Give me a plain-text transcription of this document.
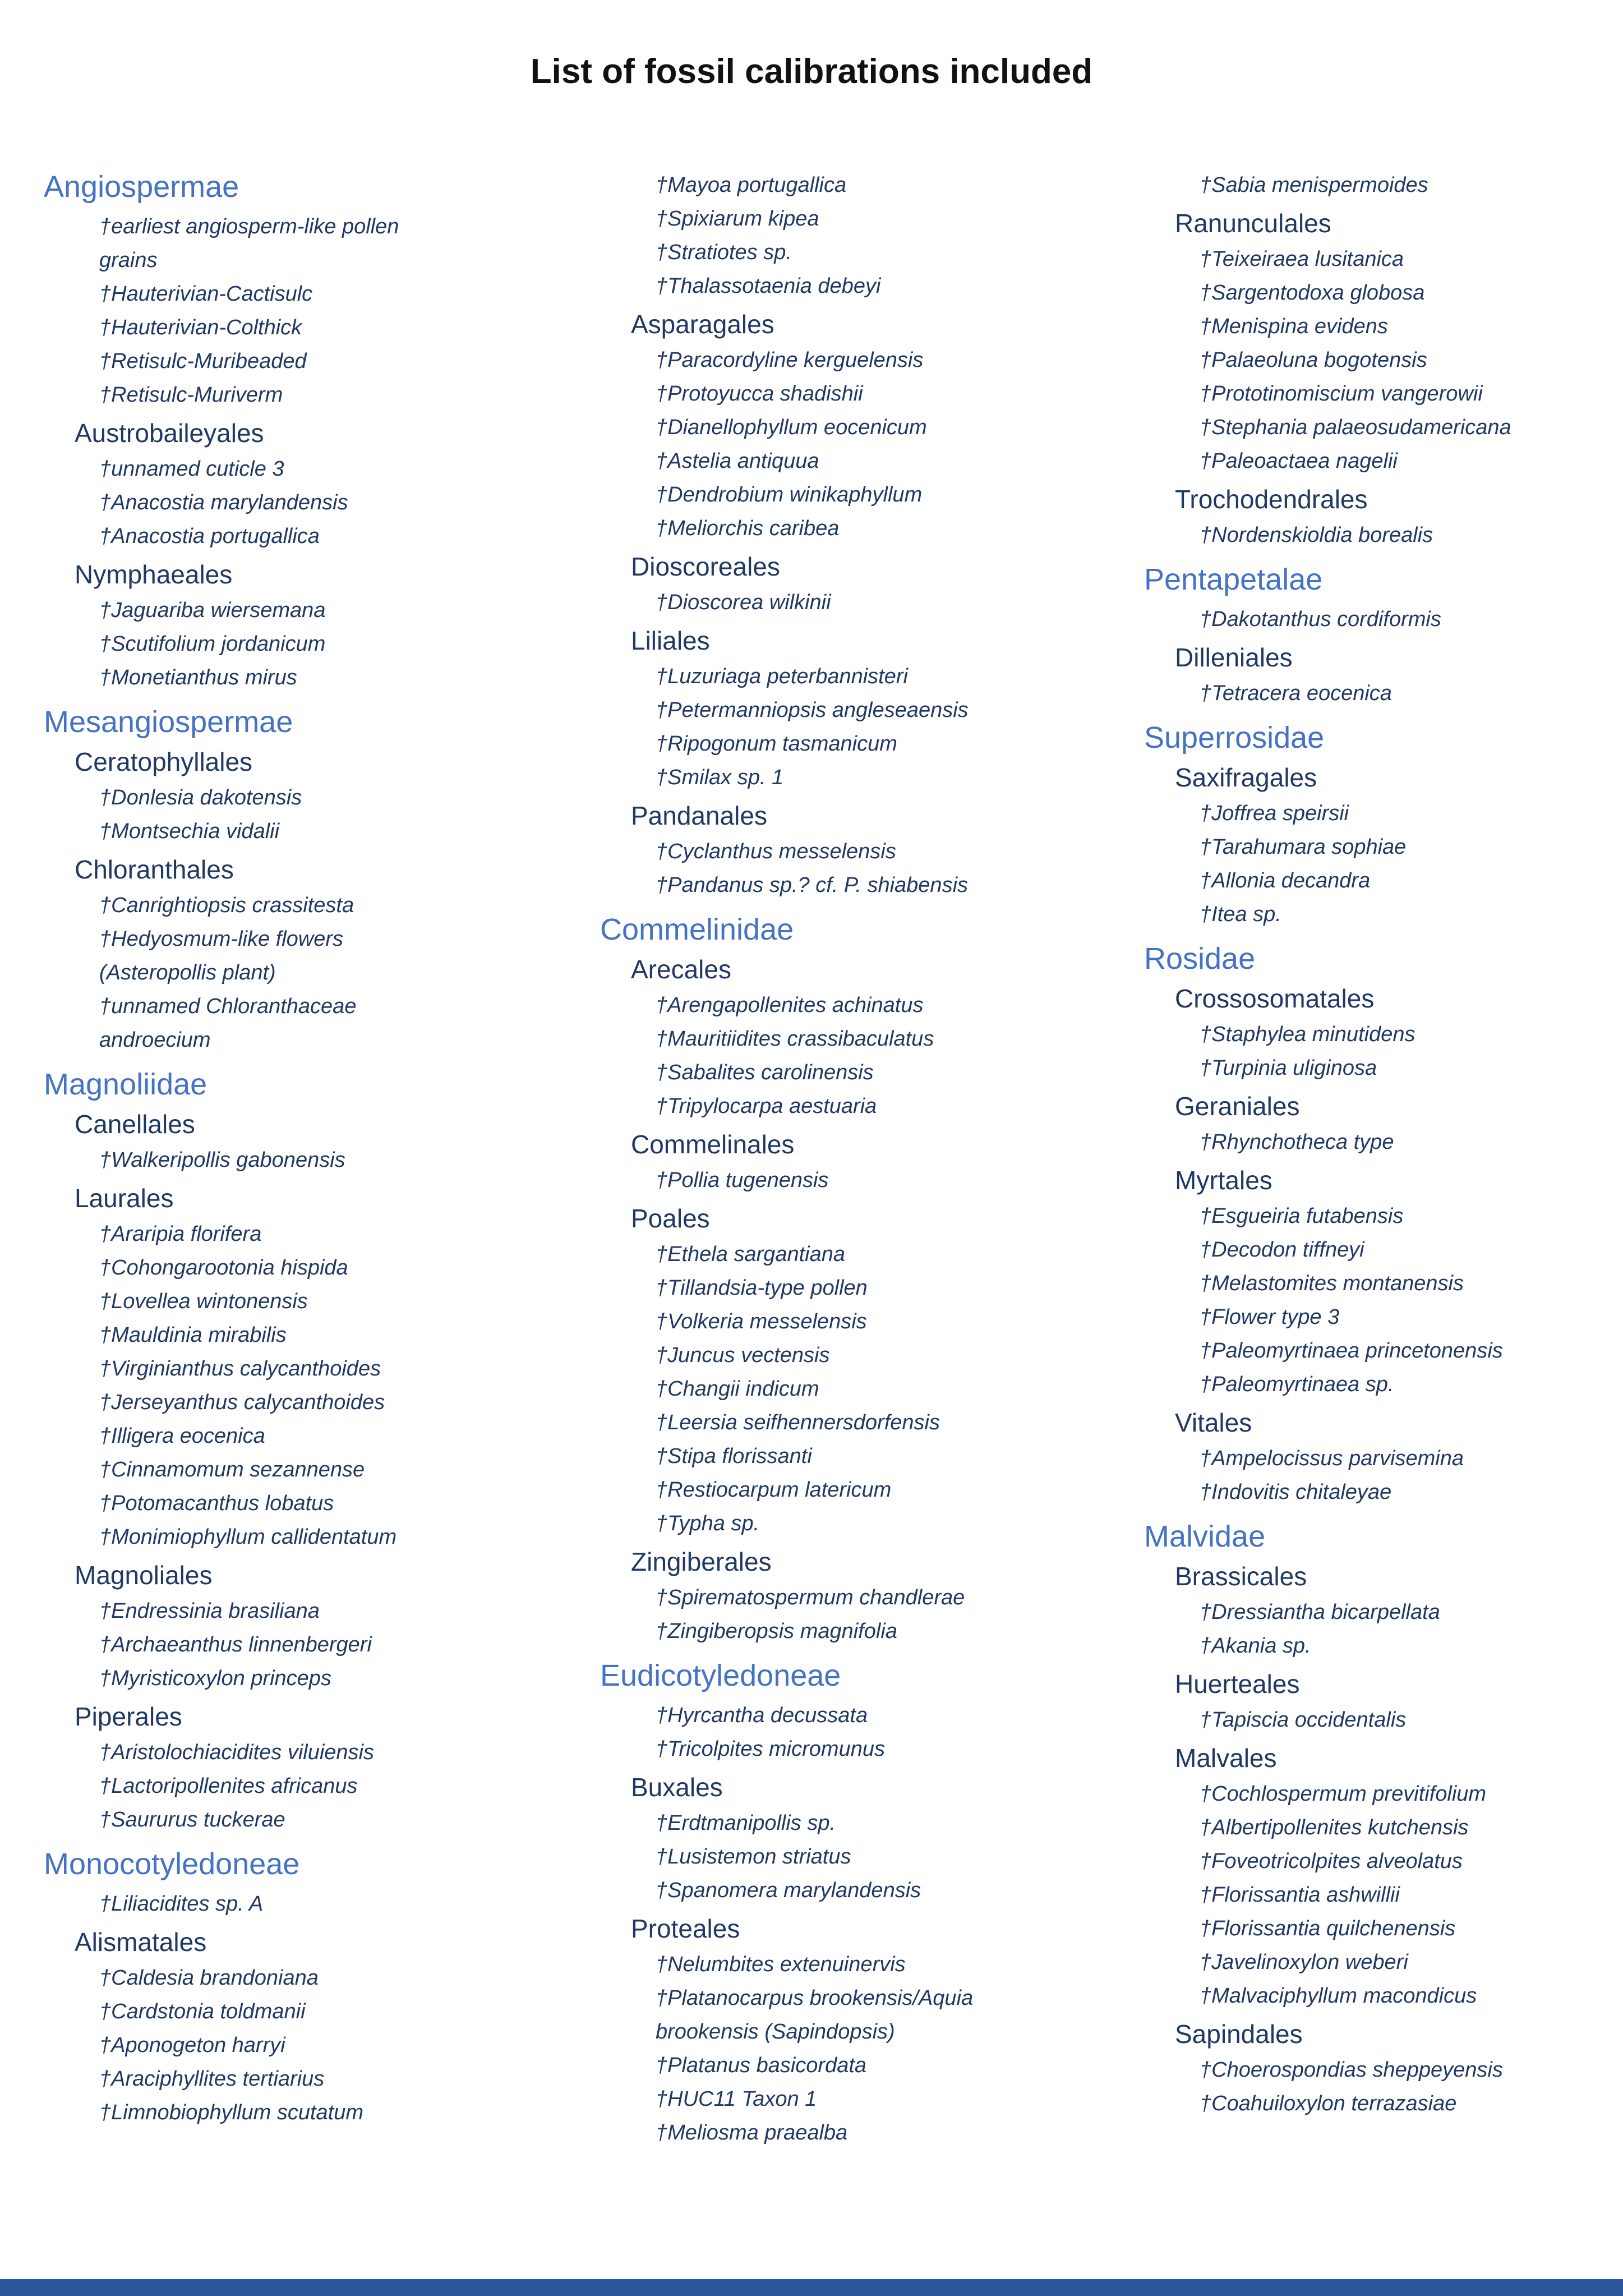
List of fossil calibrations included
Angiospermae
†earliest angiosperm-like pollen
grains
†Hauterivian-Cactisulc
†Hauterivian-Colthick
†Retisulc-Muribeaded
†Retisulc-Muriverm
Austrobaileyales
†unnamed cuticle 3
†Anacostia marylandensis
†Anacostia portugallica
Nymphaeales
†Jaguariba wiersemana
†Scutifolium jordanicum
†Monetianthus mirus
Mesangiospermae
Ceratophyllales
†Donlesia dakotensis
†Montsechia vidalii
Chloranthales
†Canrightiopsis crassitesta
†Hedyosmum-like flowers
(Asteropollis plant)
†unnamed Chloranthaceae
androecium
Magnoliidae
Canellales
†Walkeripollis gabonensis
Laurales
†Araripia florifera
†Cohongarootonia hispida
†Lovellea wintonensis
†Mauldinia mirabilis
†Virginianthus calycanthoides
†Jerseyanthus calycanthoides
†Illigera eocenica
†Cinnamomum sezannense
†Potomacanthus lobatus
†Monimiophyllum callidentatum
Magnoliales
†Endressinia brasiliana
†Archaeanthus linnenbergeri
†Myristicoxylon princeps
Piperales
†Aristolochiacidites viluiensis
†Lactoripollenites africanus
†Saururus tuckerae
Monocotyledoneae
†Liliacidites sp. A
Alismatales
†Caldesia brandoniana
†Cardstonia toldmanii
†Aponogeton harryi
†Araciphyllites tertiarius
†Limnobiophyllum scutatum
†Mayoa portugallica
†Spixiarum kipea
†Stratiotes sp.
†Thalassotaenia debeyi
Asparagales
†Paracordyline kerguelensis
†Protoyucca shadishii
†Dianellophyllum eocenicum
†Astelia antiquua
†Dendrobium winikaphyllum
†Meliorchis caribea
Dioscoreales
†Dioscorea wilkinii
Liliales
†Luzuriaga peterbannisteri
†Petermanniopsis angleseaensis
†Ripogonum tasmanicum
†Smilax sp. 1
Pandanales
†Cyclanthus messelensis
†Pandanus sp.? cf. P. shiabensis
Commelinidae
Arecales
†Arengapollenites achinatus
†Mauritiidites crassibaculatus
†Sabalites carolinensis
†Tripylocarpa aestuaria
Commelinales
†Pollia tugenensis
Poales
†Ethela sargantiana
†Tillandsia-type pollen
†Volkeria messelensis
†Juncus vectensis
†Changii indicum
†Leersia seifhennersdorfensis
†Stipa florissanti
†Restiocarpum latericum
†Typha sp.
Zingiberales
†Spirematospermum chandlerae
†Zingiberopsis magnifolia
Eudicotyledoneae
†Hyrcantha decussata
†Tricolpites micromunus
Buxales
†Erdtmanipollis sp.
†Lusistemon striatus
†Spanomera marylandensis
Proteales
†Nelumbites extenuinervis
†Platanocarpus brookensis/Aquia
brookensis (Sapindopsis)
†Platanus basicordata
†HUC11 Taxon 1
†Meliosma praealba
†Sabia menispermoides
Ranunculales
†Teixeiraea lusitanica
†Sargentodoxa globosa
†Menispina evidens
†Palaeoluna bogotensis
†Prototinomiscium vangerowii
†Stephania palaeosudamericana
†Paleoactaea nagelii
Trochodendrales
†Nordenskioldia borealis
Pentapetalae
†Dakotanthus cordiformis
Dilleniales
†Tetracera eocenica
Superrosidae
Saxifragales
†Joffrea speirsii
†Tarahumara sophiae
†Allonia decandra
†Itea sp.
Rosidae
Crossosomatales
†Staphylea minutidens
†Turpinia uliginosa
Geraniales
†Rhynchotheca type
Myrtales
†Esgueiria futabensis
†Decodon tiffneyi
†Melastomites montanensis
†Flower type 3
†Paleomyrtinaea princetonensis
†Paleomyrtinaea sp.
Vitales
†Ampelocissus parvisemina
†Indovitis chitaleyae
Malvidae
Brassicales
†Dressiantha bicarpellata
†Akania sp.
Huerteales
†Tapiscia occidentalis
Malvales
†Cochlospermum previtifolium
†Albertipollenites kutchensis
†Foveotricolpites alveolatus
†Florissantia ashwillii
†Florissantia quilchenensis
†Javelinoxylon weberi
†Malvaciphyllum macondicus
Sapindales
†Choerospondias sheppeyensis
†Coahuiloxylon terrazasiae
